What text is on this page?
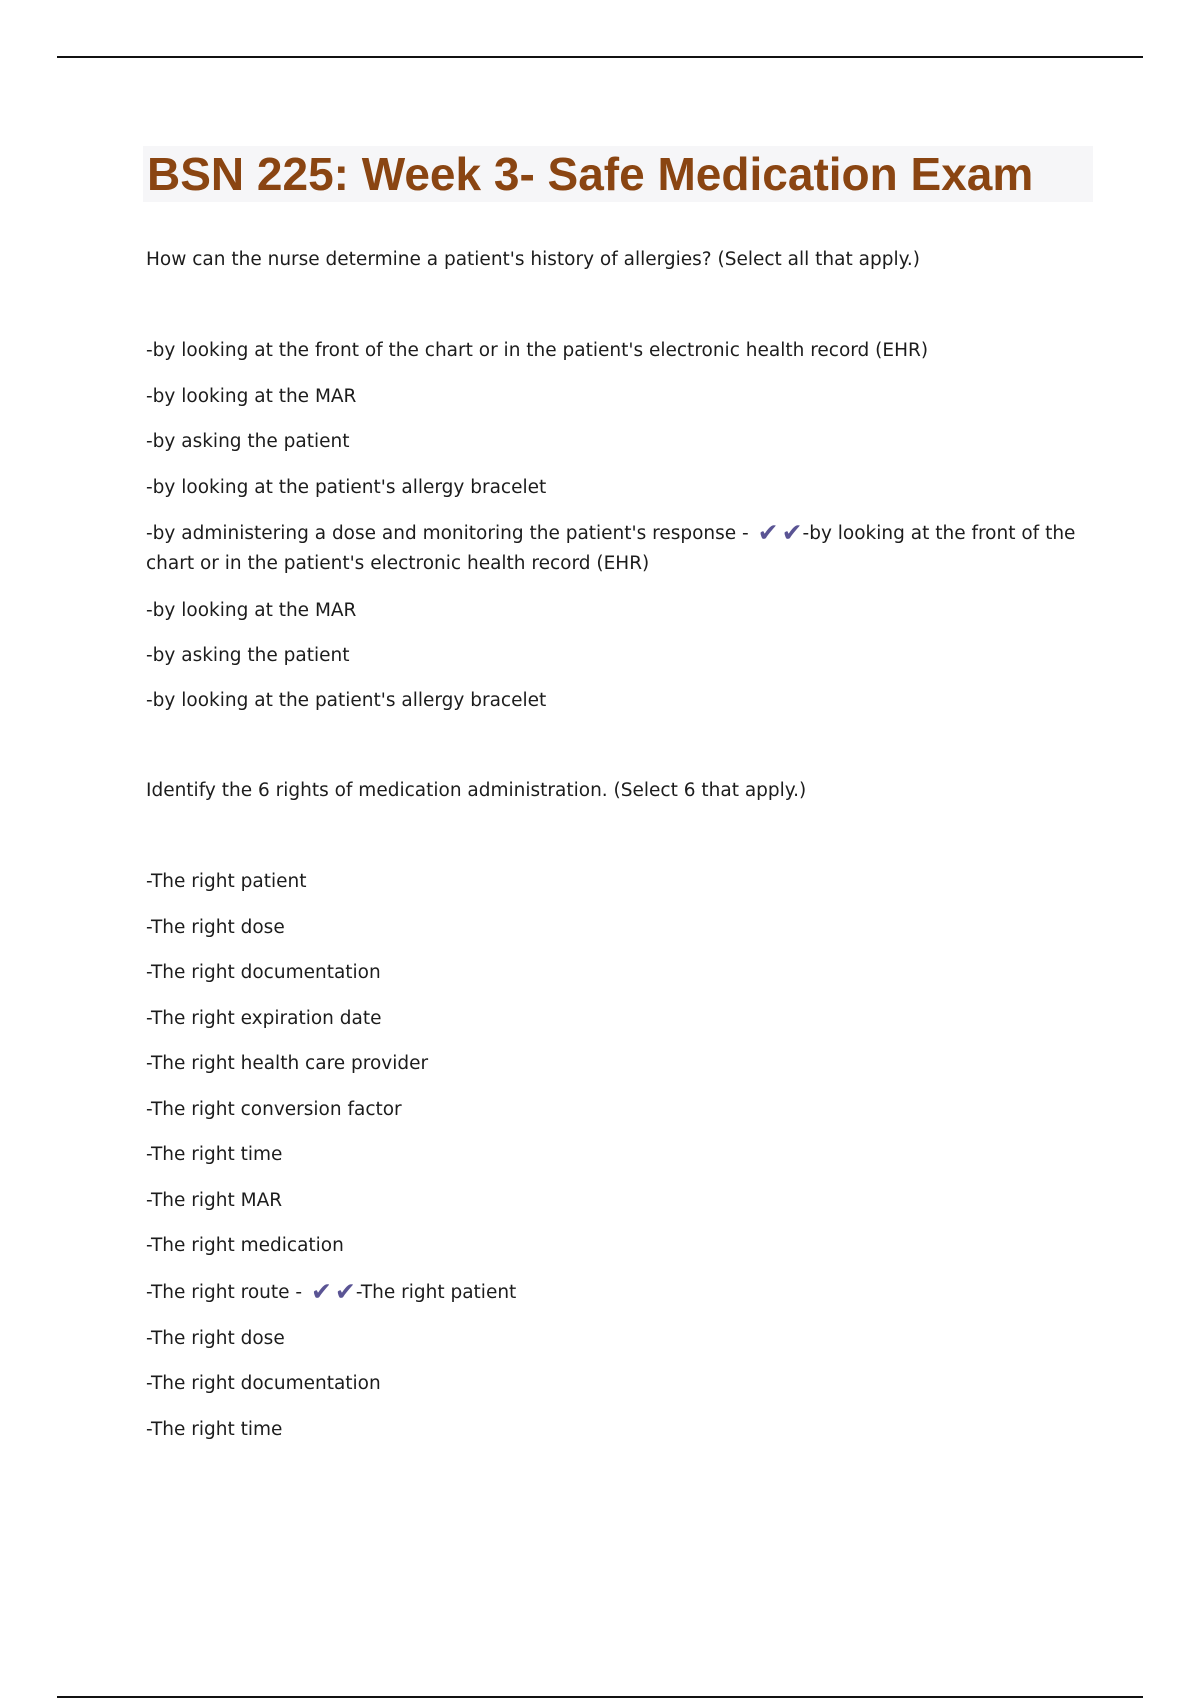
BSN 225: Week 3- Safe Medication Exam

How can the nurse determine a patient's history of allergies? (Select all that apply.)

-by looking at the front of the chart or in the patient's electronic health record (EHR)

-by looking at the MAR

-by asking the patient

-by looking at the patient's allergy bracelet

-by administering a dose and monitoring the patient's response - ✔ ✔-by looking at the front of the chart or in the patient's electronic health record (EHR)

-by looking at the MAR

-by asking the patient

-by looking at the patient's allergy bracelet

Identify the 6 rights of medication administration. (Select 6 that apply.)

-The right patient

-The right dose

-The right documentation

-The right expiration date

-The right health care provider

-The right conversion factor

-The right time

-The right MAR

-The right medication

-The right route - ✔ ✔-The right patient

-The right dose

-The right documentation

-The right time
